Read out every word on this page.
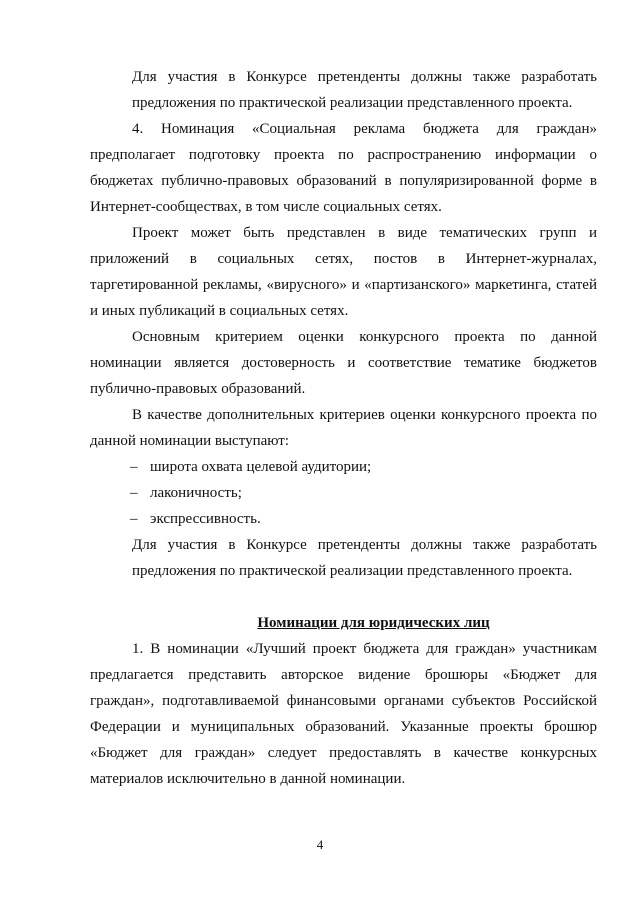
Для участия в Конкурсе претенденты должны также разработать предложения по практической реализации представленного проекта.

4. Номинация «Социальная реклама бюджета для граждан» предполагает подготовку проекта по распространению информации о бюджетах публично-правовых образований в популяризированной форме в Интернет-сообществах, в том числе социальных сетях.

Проект может быть представлен в виде тематических групп и приложений в социальных сетях, постов в Интернет-журналах, таргетированной рекламы, «вирусного» и «партизанского» маркетинга, статей и иных публикаций в социальных сетях.

Основным критерием оценки конкурсного проекта по данной номинации является достоверность и соответствие тематике бюджетов публично-правовых образований.

В качестве дополнительных критериев оценки конкурсного проекта по данной номинации выступают:

– широта охвата целевой аудитории;
– лаконичность;
– экспрессивность.

Для участия в Конкурсе претенденты должны также разработать предложения по практической реализации представленного проекта.

Номинации для юридических лиц

1. В номинации «Лучший проект бюджета для граждан» участникам предлагается представить авторское видение брошюры «Бюджет для граждан», подготавливаемой финансовыми органами субъектов Российской Федерации и муниципальных образований. Указанные проекты брошюр «Бюджет для граждан» следует предоставлять в качестве конкурсных материалов исключительно в данной номинации.

4
